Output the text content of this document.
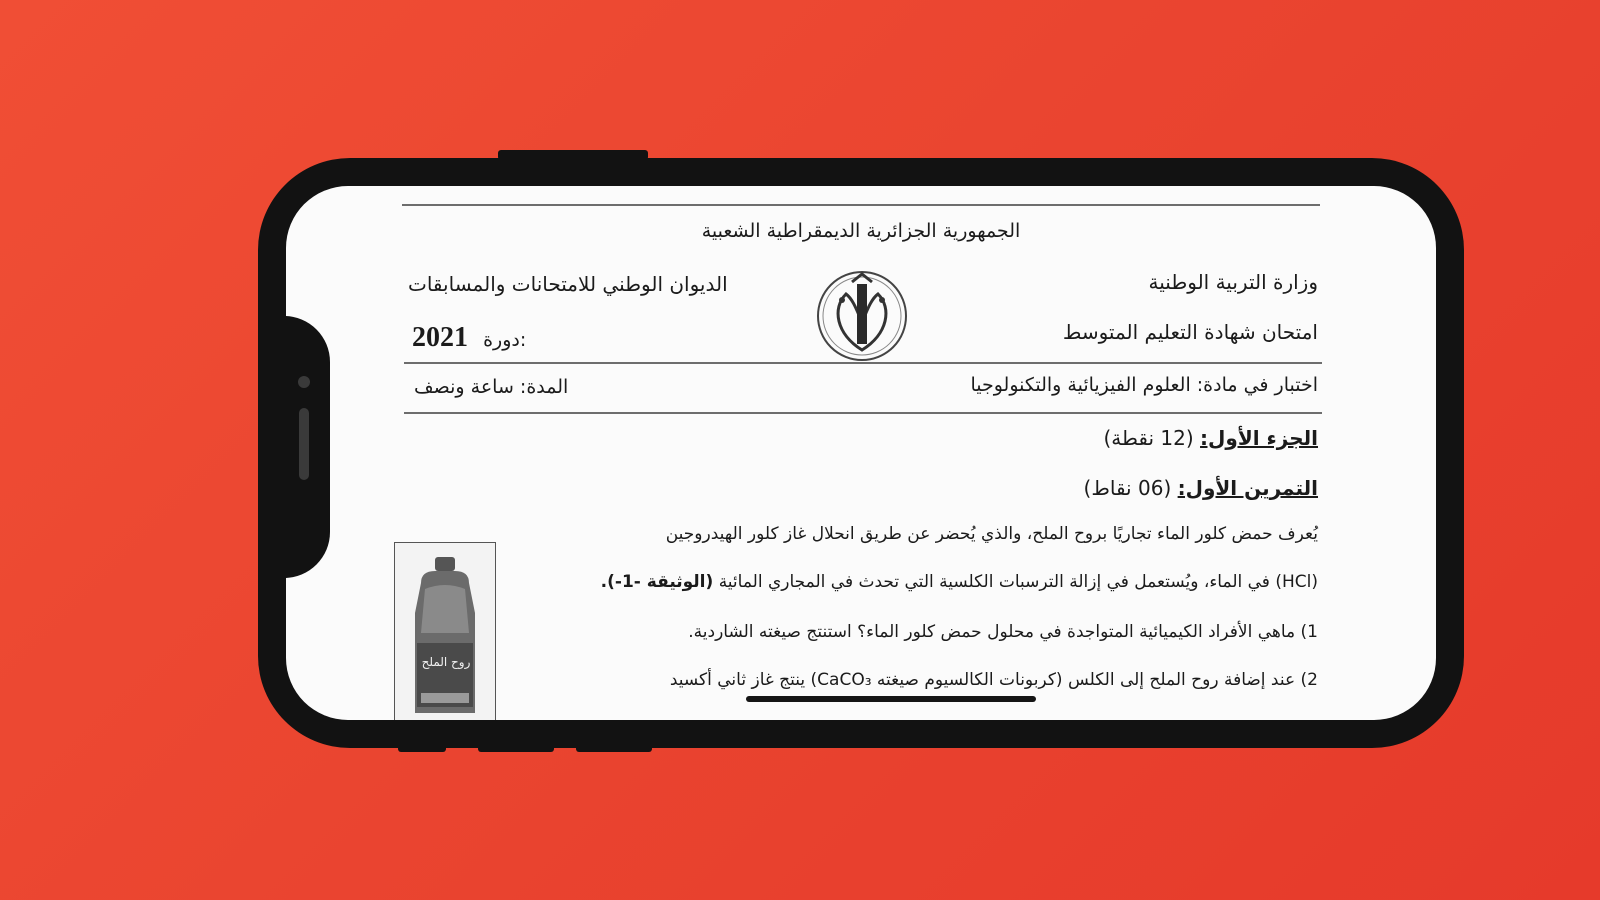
الجمهورية الجزائرية الديمقراطية الشعبية
وزارة التربية الوطنية
الديوان الوطني للامتحانات والمسابقات
امتحان شهادة التعليم المتوسط
2021 دورة:
اختبار في مادة: العلوم الفيزيائية والتكنولوجيا
المدة: ساعة ونصف
الجزء الأول: (12 نقطة)
التمرين الأول: (06 نقاط)
يُعرف حمض كلور الماء تجاريًا بروح الملح، والذي يُحضر عن طريق انحلال غاز كلور الهيدروجين
(HCl) في الماء، ويُستعمل في إزالة الترسبات الكلسية التي تحدث في المجاري المائية (الوثيقة -1-).
1) ماهي الأفراد الكيميائية المتواجدة في محلول حمض كلور الماء؟ استنتج صيغته الشاردية.
2) عند إضافة روح الملح إلى الكلس (كربونات الكالسيوم صيغته CaCO₃) ينتج غاز ثاني أكسيد
روح الملح
